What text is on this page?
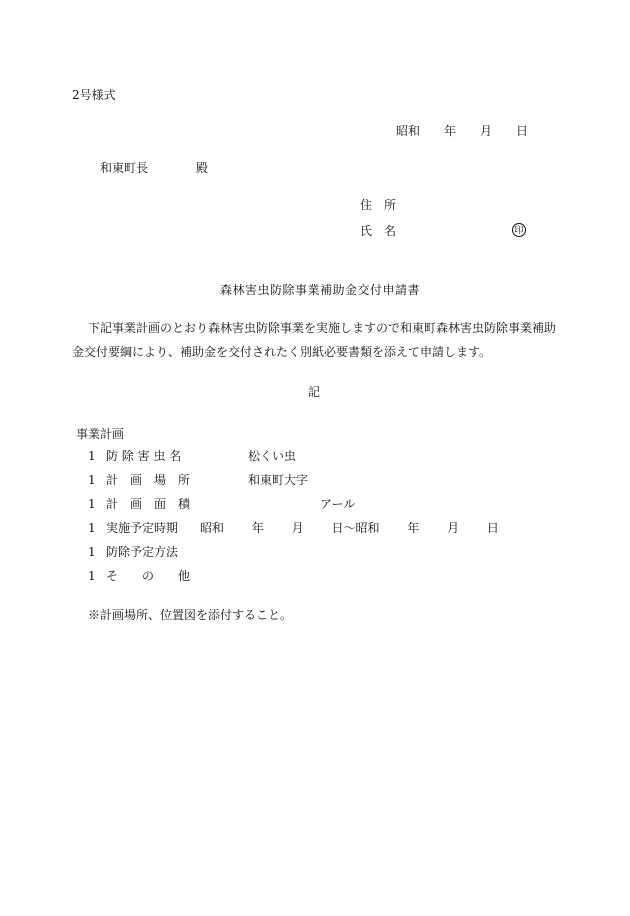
2号様式
昭和 年 月 日
和東町長	殿
住　所
氏　名	印
森林害虫防除事業補助金交付申請書
下記事業計画のとおり森林害虫防除事業を実施しますので和東町森林害虫防除事業補助
金交付要綱により、補助金を交付されたく別紙必要書類を添えて申請します。
記
事業計画
1 防 除 害 虫 名	松くい虫
1 計　画　場　所	和東町大字
1 計　画　面　積	アール
1 実施予定時期 昭和　　 年　　 月　　 日～昭和　　 年　　 月　　 日
1 防除予定方法
1 そ　　の　　他
※計画場所、位置図を添付すること。
